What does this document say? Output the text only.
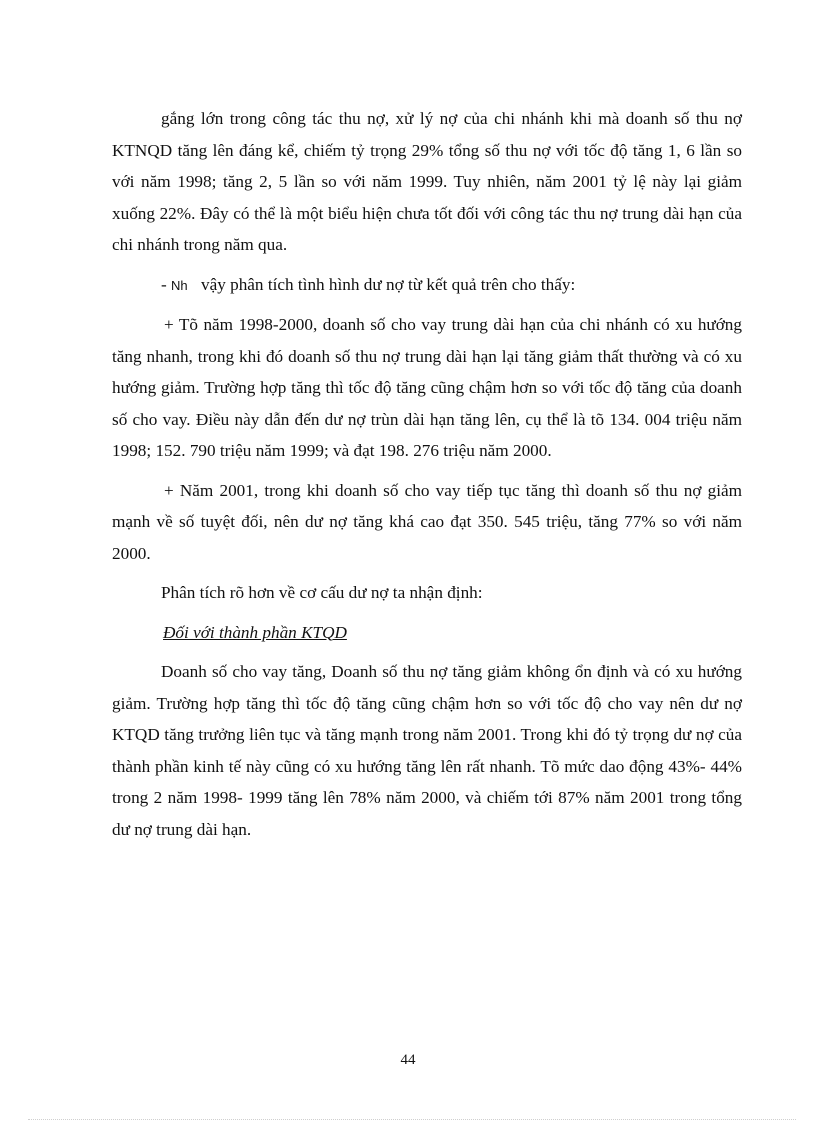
gắng lớn trong công tác thu nợ, xử lý nợ của chi nhánh khi mà doanh số thu nợ KTNQD tăng lên đáng kể, chiếm tỷ trọng 29% tổng số thu nợ với tốc độ tăng 1, 6 lần so với năm 1998; tăng 2, 5 lần so với năm 1999. Tuy nhiên, năm 2001 tỷ lệ này lại giảm xuống 22%. Đây có thể là một biểu hiện chưa tốt đối với công tác thu nợ trung dài hạn của chi nhánh trong năm qua.

- Nh vậy phân tích tình hình dư nợ từ kết quả trên cho thấy:

+ Tõ năm 1998-2000, doanh số cho vay trung dài hạn của chi nhánh có xu hướng tăng nhanh, trong khi đó doanh số thu nợ trung dài hạn lại tăng giảm thất thường và có xu hướng giảm. Trường hợp tăng thì tốc độ tăng cũng chậm hơn so với tốc độ tăng của doanh số cho vay. Điều này dẫn đến dư nợ trùn dài hạn tăng lên, cụ thể là tõ 134. 004 triệu năm 1998; 152. 790 triệu năm 1999; và đạt 198. 276 triệu năm 2000.

+ Năm 2001, trong khi doanh số cho vay tiếp tục tăng thì doanh số thu nợ giảm mạnh về số tuyệt đối, nên dư nợ tăng khá cao đạt 350. 545 triệu, tăng 77% so với năm 2000.

Phân tích rõ hơn về cơ cấu dư nợ ta nhận định:

Đối với thành phần KTQD

Doanh số cho vay tăng, Doanh số thu nợ tăng giảm không ổn định và có xu hướng giảm. Trường hợp tăng thì tốc độ tăng cũng chậm hơn so với tốc độ cho vay nên dư nợ KTQD tăng trưởng liên tục và tăng mạnh trong năm 2001. Trong khi đó tỷ trọng dư nợ của thành phần kinh tế này cũng có xu hướng tăng lên rất nhanh. Tõ mức dao động 43%- 44% trong 2 năm 1998- 1999 tăng lên 78% năm 2000, và chiếm tới 87% năm 2001 trong tổng dư nợ trung dài hạn.

44
